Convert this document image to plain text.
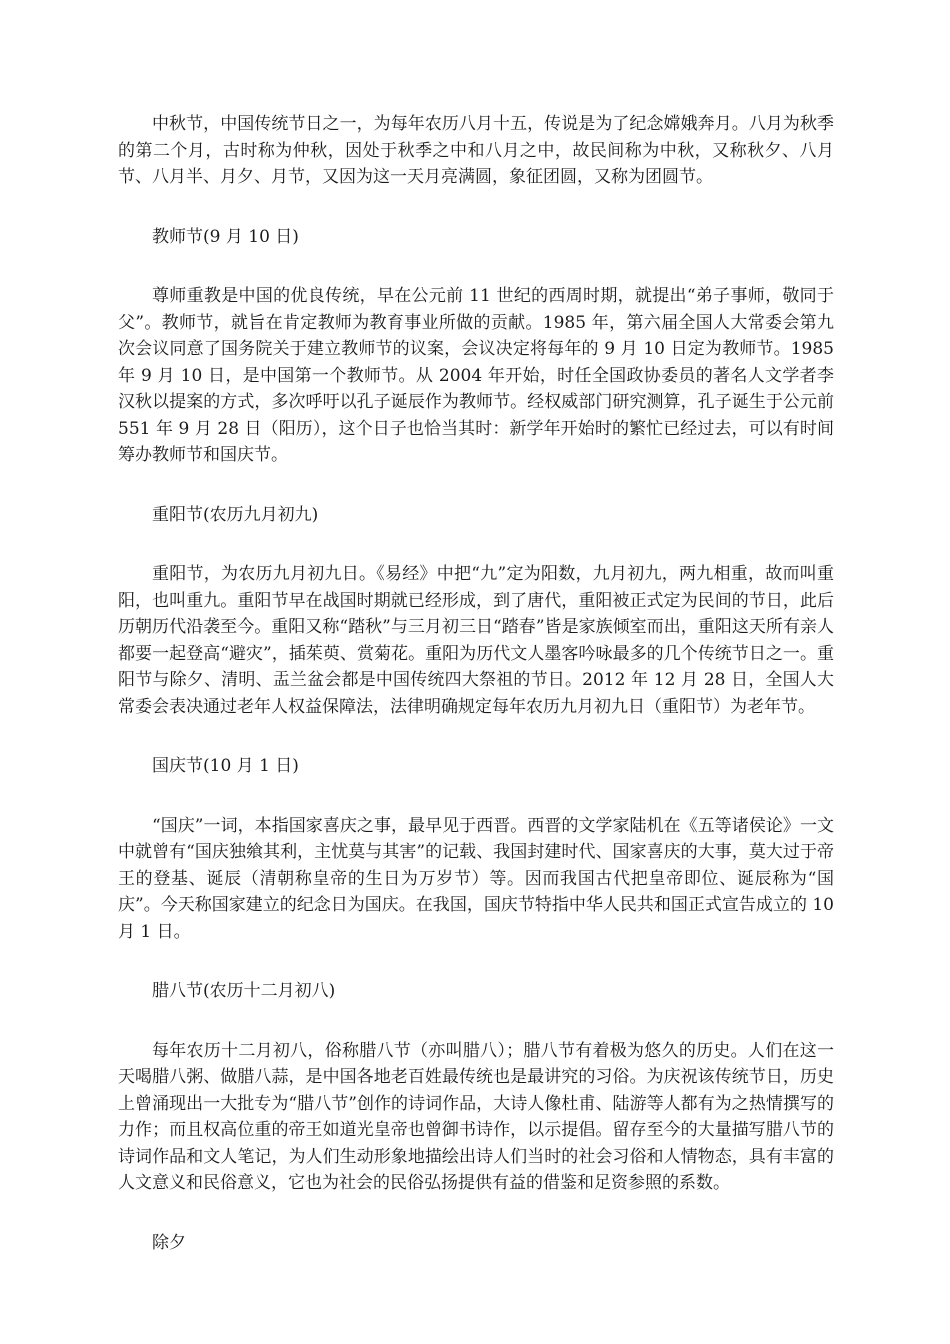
中秋节，中国传统节日之一，为每年农历八月十五，传说是为了纪念嫦娥奔月。八月为秋季的第二个月，古时称为仲秋，因处于秋季之中和八月之中，故民间称为中秋，又称秋夕、八月节、八月半、月夕、月节，又因为这一天月亮满圆，象征团圆，又称为团圆节。

教师节(9 月 10 日)

尊师重教是中国的优良传统，早在公元前 11 世纪的西周时期，就提出“弟子事师，敬同于父”。教师节，就旨在肯定教师为教育事业所做的贡献。1985 年，第六届全国人大常委会第九次会议同意了国务院关于建立教师节的议案，会议决定将每年的 9 月 10 日定为教师节。1985 年 9 月 10 日，是中国第一个教师节。从 2004 年开始，时任全国政协委员的著名人文学者李汉秋以提案的方式，多次呼吁以孔子诞辰作为教师节。经权威部门研究测算，孔子诞生于公元前 551 年 9 月 28 日（阳历），这个日子也恰当其时：新学年开始时的繁忙已经过去，可以有时间筹办教师节和国庆节。

重阳节(农历九月初九)

重阳节，为农历九月初九日。《易经》中把“九”定为阳数，九月初九，两九相重，故而叫重阳，也叫重九。重阳节早在战国时期就已经形成，到了唐代，重阳被正式定为民间的节日，此后历朝历代沿袭至今。重阳又称“踏秋”与三月初三日“踏春”皆是家族倾室而出，重阳这天所有亲人都要一起登高“避灾”，插茱萸、赏菊花。重阳为历代文人墨客吟咏最多的几个传统节日之一。重阳节与除夕、清明、盂兰盆会都是中国传统四大祭祖的节日。2012 年 12 月 28 日，全国人大常委会表决通过老年人权益保障法，法律明确规定每年农历九月初九日（重阳节）为老年节。

国庆节(10 月 1 日)

“国庆”一词，本指国家喜庆之事，最早见于西晋。西晋的文学家陆机在《五等诸侯论》一文中就曾有“国庆独飨其利，主忧莫与其害”的记载、我国封建时代、国家喜庆的大事，莫大过于帝王的登基、诞辰（清朝称皇帝的生日为万岁节）等。因而我国古代把皇帝即位、诞辰称为“国庆”。今天称国家建立的纪念日为国庆。在我国，国庆节特指中华人民共和国正式宣告成立的 10 月 1 日。

腊八节(农历十二月初八)

每年农历十二月初八，俗称腊八节（亦叫腊八）；腊八节有着极为悠久的历史。人们在这一天喝腊八粥、做腊八蒜，是中国各地老百姓最传统也是最讲究的习俗。为庆祝该传统节日，历史上曾涌现出一大批专为“腊八节”创作的诗词作品，大诗人像杜甫、陆游等人都有为之热情撰写的力作；而且权高位重的帝王如道光皇帝也曾御书诗作，以示提倡。留存至今的大量描写腊八节的诗词作品和文人笔记，为人们生动形象地描绘出诗人们当时的社会习俗和人情物态，具有丰富的人文意义和民俗意义，它也为社会的民俗弘扬提供有益的借鉴和足资参照的系数。

除夕
